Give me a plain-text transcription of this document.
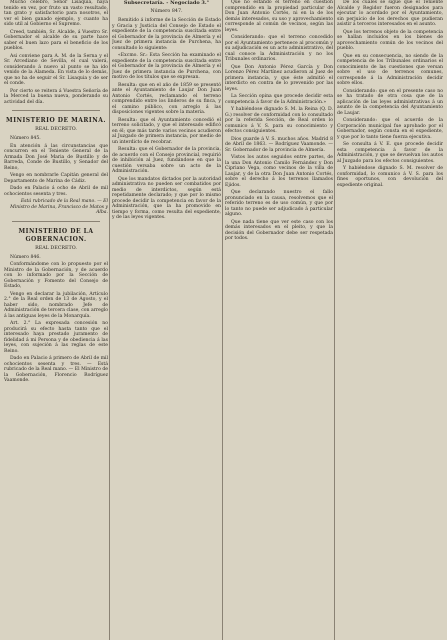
Mucho celebro, Señor Lisaquia, haya tenido en vez, por fruto un vasto resultado, tan grato y satisfactorio para nosotros, el ver el bien ganado ejemplo, y cuanto ha sido util al Gobierno el Supremo.

Creed, también, Sr. Alcalde, á Vuestro Sr. Gobernador el alcalde de su parte hace saber el buen lazo para el beneficio de los pueblos.

Asi conviene para A. M. de la Serna y el Sr. Arcediano de Sevilla, el cual valerá, considerando á nuevo al punto se ha ido venido de la Alameda. En vista de lo demás, que no ha de seguir el Sr. Lisaquia y de ser el conde.

Por cierto se reitera á Vuestra Señoría de la Merced la buena nueva, ponderando su actividad del día.

MINISTERIO DE MARINA.
REAL DECRETO.

Número 845.

En atención á las circunstancias que concurren en el Teniente General de la Armada Don José Maria de Bustillo y de Barreda, Conde de Bustillo, y Senador del Reino,

Vengo en nombrarle Capitán general del Departamento de Marina de Cádiz.

Dado en Palacio á ocho de Abril de mil ochocientos sesenta y tres.

Está rubricado de la Real mano. — El Ministro de Marina, Francisco de Matos y Alba.

MINISTERIO DE LA GOBERNACION.
REAL DECRETO.

Número 846.

Conformándome con lo propuesto por el Ministro de la Gobernación, y de acuerdo con lo informado por la Sección de Gobernación y Fomento del Consejo de Estado,

Vengo en declarar la jubilación, Artículo 2.° de la Real orden de 13 de Agosto, y el haber sido, nombrado Jefe de Administración de tercera clase, con arreglo á las antiguas leyes de la Monarquía.

Art. 2.° La expresada concesión no producirá su efecto hasta tanto que el interesado haya prestado juramento de fidelidad á mi Persona y de obediencia á las leyes, con sujeción á las reglas de este Reino.

Dado en Palacio á primero de Abril de mil ochocientos sesenta y tres. — Está rubricado de la Real mano. — El Ministro de la Gobernación, Florencio Rodríguez Vaamonde.

Subsecretaría. - Negociado 3.°
Número 847.

Remitido á informe de la Sección de Estado y Gracia y Justicia del Consejo de Estado el expediente de la competencia suscitada entre el Gobernador de la provincia de Almería y el Juez de primera instancia de Purchena, ha consultado lo siguiente:

«Excmo. Sr.: Esta Sección ha examinado el expediente de la competencia suscitada entre el Gobernador de la provincia de Almería y el Juez de primera instancia de Purchena, con motivo de los títulos que se expresan.

Resulta: que en el año de 1859 se presentó ante el Ayuntamiento de Laujar Don Juan Antonio Cortés, reclamando el terreno comprendido entre los linderos de su finca, y el camino público, con arreglo á las disposiciones vigentes sobre la materia.

Resulta: que el Ayuntamiento concedió el terreno solicitado, y que el interesado edificó en él; que más tarde varios vecinos acudieron al Juzgado de primera instancia, por medio de un interdicto de recobrar.

Resulta: que el Gobernador de la provincia, de acuerdo con el Consejo provincial, requirió de inhibición al Juez, fundándose en que la cuestión versaba sobre un acto de la Administración.

Que los mandatos dictados por la autoridad administrativa no pueden ser combatidos por medio de interdictos, según está repetidamente declarado; y que por lo mismo procede decidir la competencia en favor de la Administración, que la ha promovido en tiempo y forma, como resulta del expediente, y de las leyes vigentes.

Que no estando el terreno en cuestión comprendido en la propiedad particular de Don Juan Antonio Cortés, ni en la de los demás interesados, su uso y aprovechamiento corresponde al común de vecinos, según las leyes.

Considerando: que el terreno concedido por el Ayuntamiento pertenece al procomún y su adjudicación es un acto administrativo, del cual conoce la Administración y no los Tribunales ordinarios.

Que Don Antonio Pérez García y Don Lorenzo Pérez Martínez acudieron al Juez de primera instancia, y que éste admitió el interdicto en contra de lo prevenido por las leyes.

La Sección opina que procede decidir esta competencia á favor de la Administración.»

Y habiéndose dignado S. M. la Reina (Q. D. G.) resolver de conformidad con lo consultado por la referida Sección, de Real orden lo comunico á V. S. para su conocimiento y efectos consiguientes.

Dios guarde á V. S. muchos años. Madrid 8 de Abril de 1863. — Rodríguez Vaamonde. — Sr. Gobernador de la provincia de Almería.

Vistos los autos seguidos entre partes, de la una Don Antonio Camilo Fernández y Don Cipriano Vega, como vecinos de la villa de Laujar, y de la otra Don Juan Antonio Cortés, sobre el derecho á los terrenos llamados Ejidos.

Que declarando nuestro el fallo pronunciado en la causa, resolvemos que el referido terreno es de uso común, y que por lo tanto no puede ser adjudicado á particular alguno.

Que nada tiene que ver este caso con los demás interesados en el pleito, y que la decisión del Gobernador debe ser respetada por todos.

De los cuales se sigue que el Teniente Alcalde y Regidor fueron designados para ejecutar lo acordado por el Ayuntamiento, sin perjuicio de los derechos que pudieran asistir á terceros interesados en el asunto.

Que los terrenos objeto de la competencia se hallan incluidos en los bienes de aprovechamiento común de los vecinos del pueblo.

Que en su consecuencia, no siendo de la competencia de los Tribunales ordinarios el conocimiento de las cuestiones que versan sobre el uso de terrenos comunes, corresponde á la Administración decidir sobre ellos.

Considerando: que en el presente caso no se ha tratado de otra cosa que de la aplicación de las leyes administrativas á un asunto de la competencia del Ayuntamiento de Laujar.

Considerando: que el acuerdo de la Corporación municipal fue aprobado por el Gobernador, según consta en el expediente, y que por lo tanto tiene fuerza ejecutiva.

Se consulta á V. E. que procede decidir esta competencia á favor de la Administración, y que se devuelvan los autos al Juzgado para los efectos consiguientes.

Y habiéndose dignado S. M. resolver de conformidad, lo comunico á V. S. para los fines oportunos, con devolución del expediente original.
